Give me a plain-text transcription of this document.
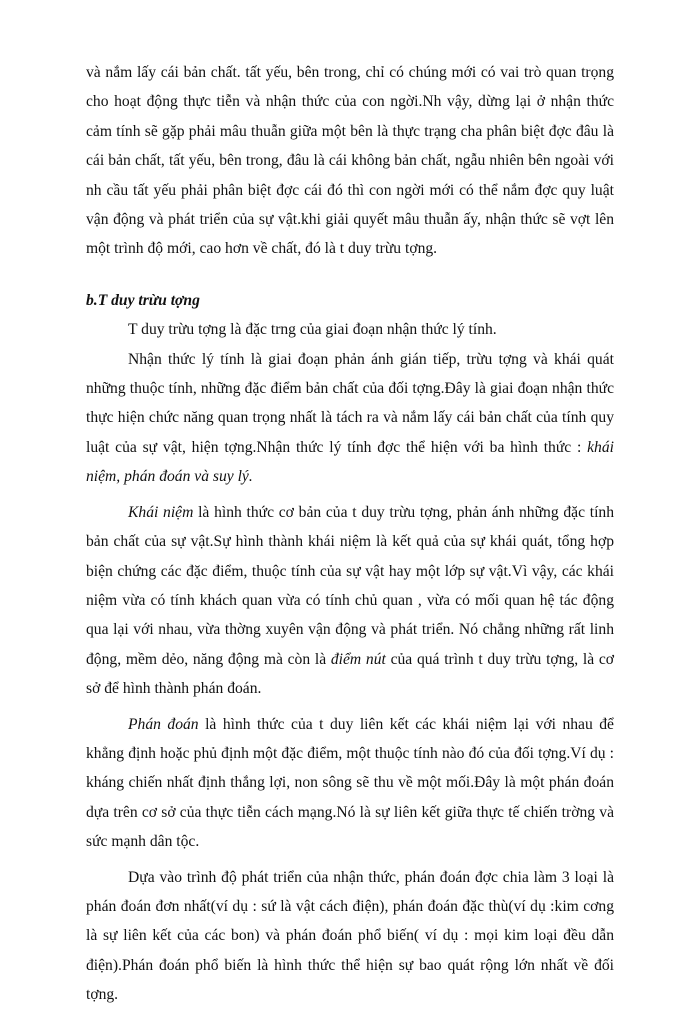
và nắm lấy cái bản chất. tất yếu, bên trong, chỉ có chúng mới có vai trò quan trọng cho hoạt động thực tiễn và nhận thức của con ngời.Nh vậy, dừng lại ở nhận thức cảm tính sẽ gặp phải mâu thuẫn giữa một bên là thực trạng cha phân biệt đợc đâu là cái bản chất, tất yếu, bên trong, đâu là cái không bản chất, ngẫu nhiên bên ngoài với nh cầu tất yếu phải phân biệt đợc cái đó thì con ngời mới có thể nắm đợc quy luật vận động và phát triển của sự vật.khi giải quyết mâu thuẫn ấy, nhận thức sẽ vợt lên một trình độ mới, cao hơn về chất, đó là t duy trừu tợng.

b.T duy trừu tợng

T duy trừu tợng là đặc trng của giai đoạn nhận thức lý tính.

Nhận thức lý tính là giai đoạn phản ánh gián tiếp, trừu tợng và khái quát những thuộc tính, những đặc điểm bản chất của đối tợng.Đây là giai đoạn nhận thức thực hiện chức năng quan trọng nhất là tách ra và nắm lấy cái bản chất của tính quy luật của sự vật, hiện tợng.Nhận thức lý tính đợc thể hiện với ba hình thức : khái niệm, phán đoán và suy lý.

Khái niệm là hình thức cơ bản của t duy trừu tợng, phản ánh những đặc tính bản chất của sự vật.Sự hình thành khái niệm là kết quả của sự khái quát, tổng hợp biện chứng các đặc điểm, thuộc tính của sự vật hay một lớp sự vật.Vì vậy, các khái niệm vừa có tính khách quan vừa có tính chủ quan , vừa có mối quan hệ tác động qua lại với nhau, vừa thờng xuyên vận động và phát triển. Nó chẳng những rất linh động, mềm dẻo, năng động mà còn là điểm nút của quá trình t duy trừu tợng, là cơ sở để hình thành phán đoán.

Phán đoán là hình thức của t duy liên kết các khái niệm lại với nhau để khẳng định hoặc phủ định một đặc điểm, một thuộc tính nào đó của đối tợng.Ví dụ : kháng chiến nhất định thắng lợi, non sông sẽ thu về một mối.Đây là một phán đoán dựa trên cơ sở của thực tiễn cách mạng.Nó là sự liên kết giữa thực tế chiến trờng và sức mạnh dân tộc.

Dựa vào trình độ phát triển của nhận thức, phán đoán đợc chia làm 3 loại là phán đoán đơn nhất(ví dụ : sứ là vật cách điện), phán đoán đặc thù(ví dụ :kim cơng là sự liên kết của các bon) và phán đoán phổ biến( ví dụ : mọi kim loại đều dẫn điện).Phán đoán phổ biến là hình thức thể hiện sự bao quát rộng lớn nhất về đối tợng.
